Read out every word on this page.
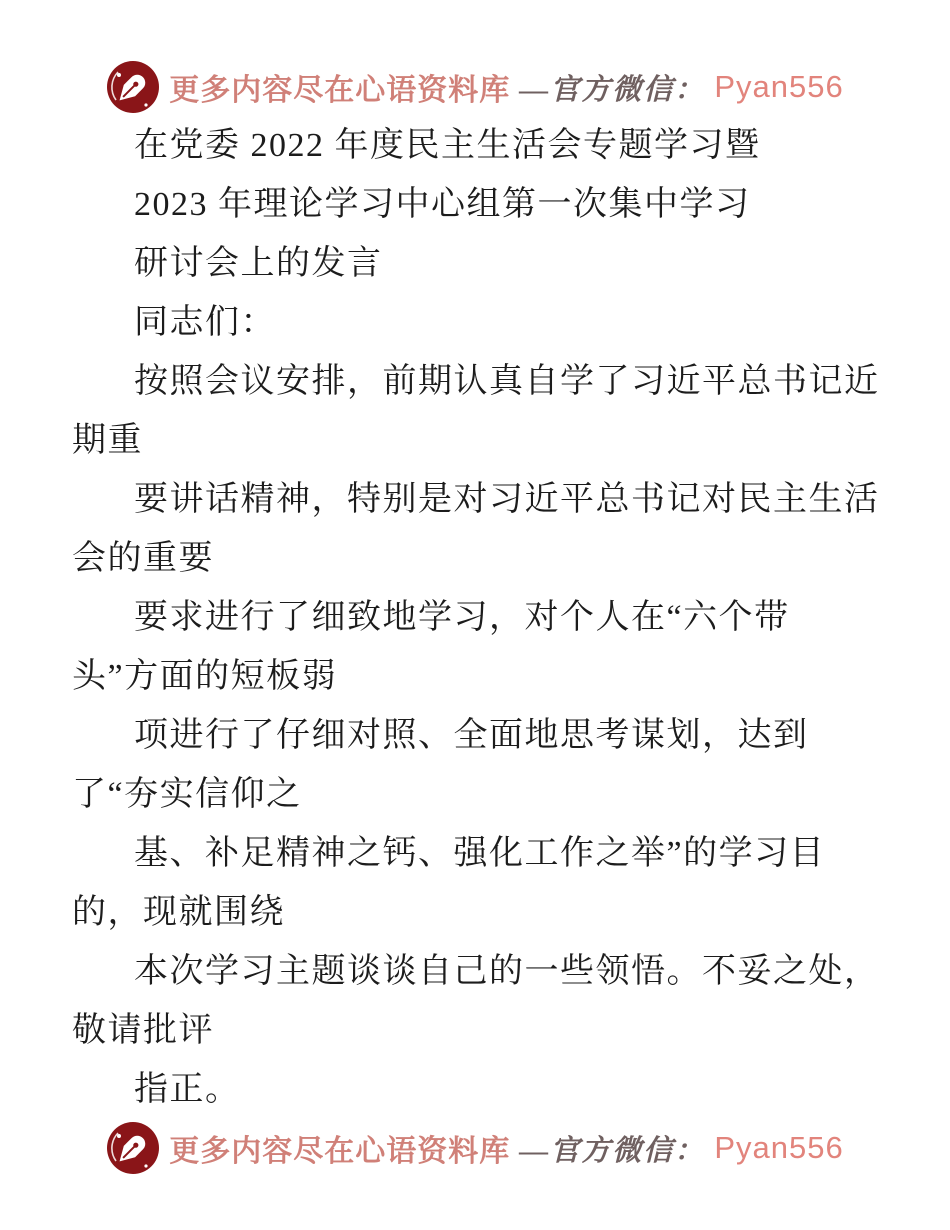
更多内容尽在心语资料库 —官方微信： Pyan556
在党委 2022 年度民主生活会专题学习暨
2023 年理论学习中心组第一次集中学习
研讨会上的发言
同志们：
按照会议安排，前期认真自学了习近平总书记近
期重
要讲话精神，特别是对习近平总书记对民主生活
会的重要
要求进行了细致地学习，对个人在“六个带
头”方面的短板弱
项进行了仔细对照、全面地思考谋划，达到
了“夯实信仰之
基、补足精神之钙、强化工作之举”的学习目
的，现就围绕
本次学习主题谈谈自己的一些领悟。不妥之处，
敬请批评
指正。
更多内容尽在心语资料库 —官方微信： Pyan556
